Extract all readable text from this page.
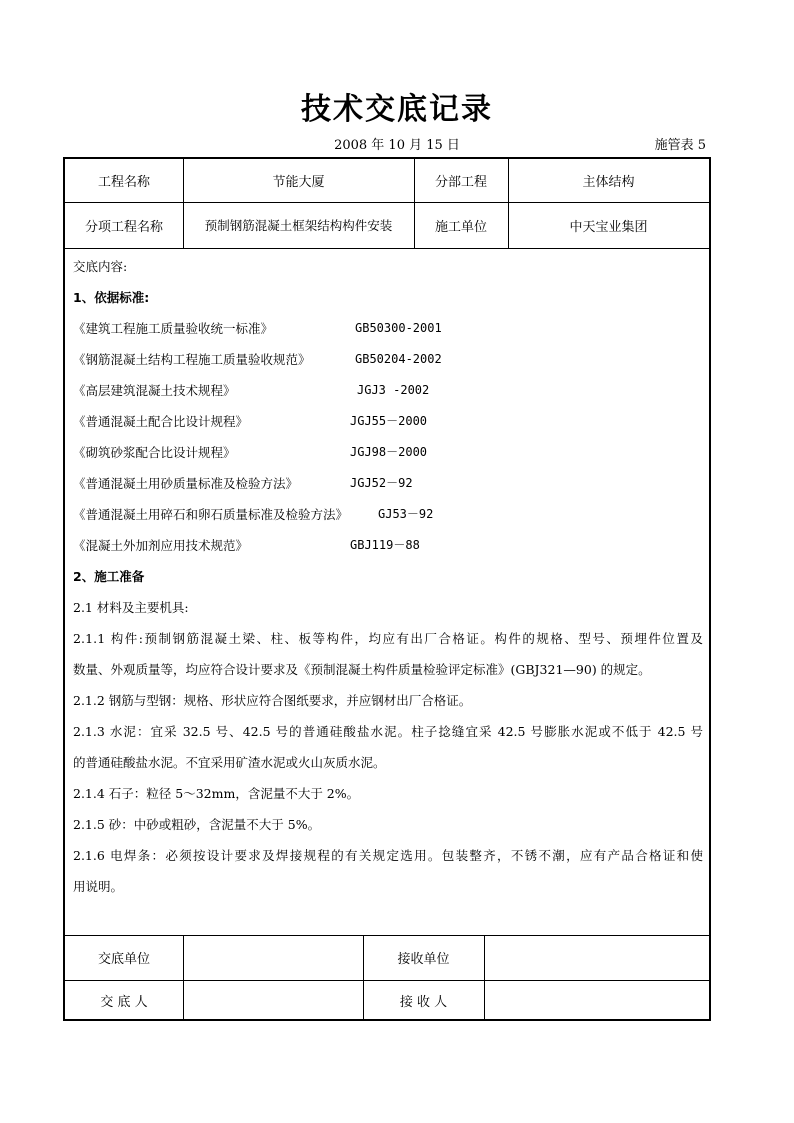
技术交底记录
2008 年 10 月 15 日	施管表 5
工程名称	节能大厦	分部工程	主体结构
分项工程名称	预制钢筋混凝土框架结构构件安装	施工单位	中天宝业集团
交底内容:
1、依据标准:
《建筑工程施工质量验收统一标准》	GB50300-2001
《钢筋混凝土结构工程施工质量验收规范》	GB50204-2002
《高层建筑混凝土技术规程》	JGJ3 -2002
《普通混凝土配合比设计规程》	JGJ55－2000
《砌筑砂浆配合比设计规程》	JGJ98－2000
《普通混凝土用砂质量标准及检验方法》	JGJ52－92
《普通混凝土用碎石和卵石质量标准及检验方法》	GJ53－92
《混凝土外加剂应用技术规范》	GBJ119－88
2、施工准备
2.1 材料及主要机具:
2.1.1 构件:预制钢筋混凝土梁、柱、板等构件，均应有出厂合格证。构件的规格、型号、预埋件位置及
数量、外观质量等，均应符合设计要求及《预制混凝土构件质量检验评定标准》(GBJ321—90) 的规定。
2.1.2 钢筋与型钢：规格、形状应符合图纸要求，并应钢材出厂合格证。
2.1.3 水泥：宜采 32.5 号、42.5 号的普通硅酸盐水泥。柱子捻缝宜采 42.5 号膨胀水泥或不低于 42.5 号
的普通硅酸盐水泥。不宜采用矿渣水泥或火山灰质水泥。
2.1.4 石子：粒径 5～32mm，含泥量不大于 2%。
2.1.5 砂：中砂或粗砂，含泥量不大于 5%。
2.1.6 电焊条：必须按设计要求及焊接规程的有关规定选用。包装整齐，不锈不潮，应有产品合格证和使
用说明。
交底单位	接收单位
交 底 人	接 收 人
